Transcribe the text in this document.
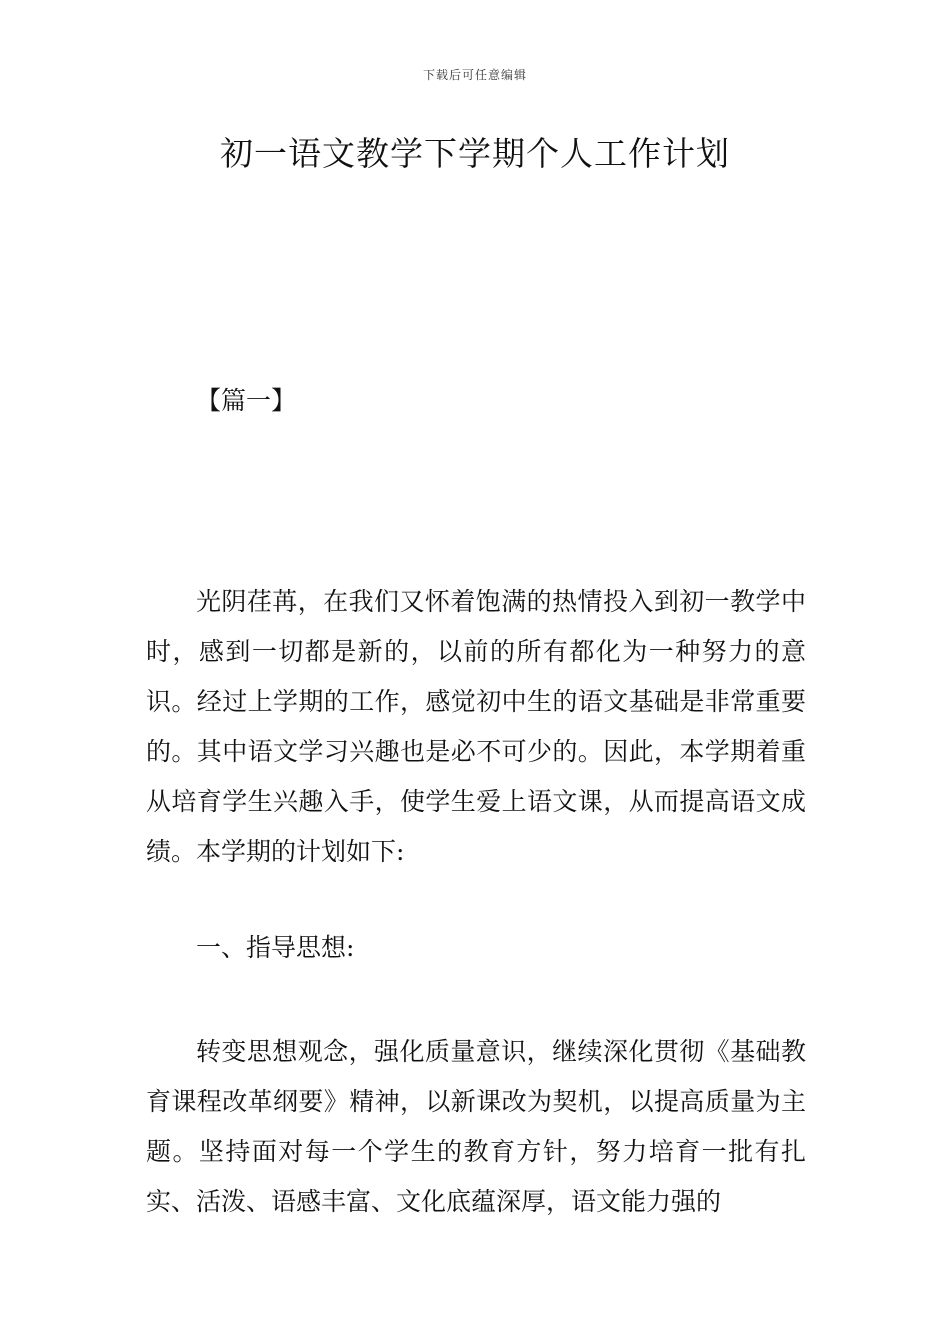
下载后可任意编辑
初一语文教学下学期个人工作计划
【篇一】

光阴荏苒，在我们又怀着饱满的热情投入到初一教学中时，感到一切都是新的，以前的所有都化为一种努力的意识。经过上学期的工作，感觉初中生的语文基础是非常重要的。其中语文学习兴趣也是必不可少的。因此，本学期着重从培育学生兴趣入手，使学生爱上语文课，从而提高语文成绩。本学期的计划如下:

一、指导思想:

转变思想观念，强化质量意识，继续深化贯彻《基础教育课程改革纲要》精神，以新课改为契机，以提高质量为主题。坚持面对每一个学生的教育方针，努力培育一批有扎实、活泼、语感丰富、文化底蕴深厚，语文能力强的
